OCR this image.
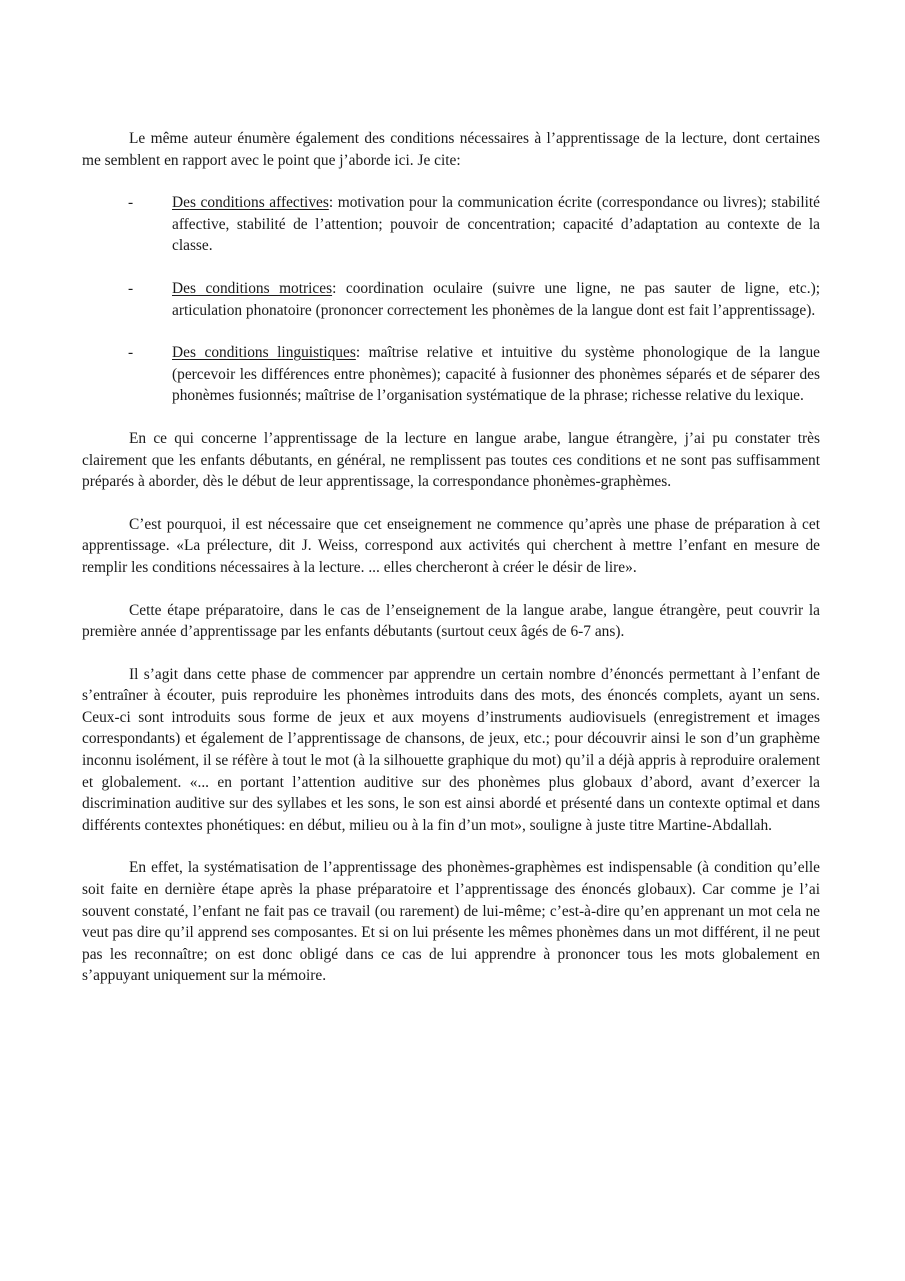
Le même auteur énumère également des conditions nécessaires à l’apprentissage de la lecture, dont certaines me semblent en rapport avec le point que j’aborde ici. Je cite:

-	Des conditions affectives: motivation pour la communication écrite (correspondance ou livres); stabilité affective, stabilité de l’attention; pouvoir de concentration; capacité d’adaptation au contexte de la classe.
-	Des conditions motrices: coordination oculaire (suivre une ligne, ne pas sauter de ligne, etc.); articulation phonatoire (prononcer correctement les phonèmes de la langue dont est fait l’apprentissage).
-	Des conditions linguistiques: maîtrise relative et intuitive du système phonologique de la langue (percevoir les différences entre phonèmes); capacité à fusionner des phonèmes séparés et de séparer des phonèmes fusionnés; maîtrise de l’organisation systématique de la phrase; richesse relative du lexique.

En ce qui concerne l’apprentissage de la lecture en langue arabe, langue étrangère, j’ai pu constater très clairement que les enfants débutants, en général, ne remplissent pas toutes ces conditions et ne sont pas suffisamment préparés à aborder, dès le début de leur apprentissage, la correspondance phonèmes-graphèmes.

C’est pourquoi, il est nécessaire que cet enseignement ne commence qu’après une phase de préparation à cet apprentissage. «La prélecture, dit J. Weiss, correspond aux activités qui cherchent à mettre l’enfant en mesure de remplir les conditions nécessaires à la lecture. ... elles chercheront à créer le désir de lire».

Cette étape préparatoire, dans le cas de l’enseignement de la langue arabe, langue étrangère, peut couvrir la première année d’apprentissage par les enfants débutants (surtout ceux âgés de 6-7 ans).

Il s’agit dans cette phase de commencer par apprendre un certain nombre d’énoncés permettant à l’enfant de s’entraîner à écouter, puis reproduire les phonèmes introduits dans des mots, des énoncés complets, ayant un sens. Ceux-ci sont introduits sous forme de jeux et aux moyens d’instruments audiovisuels (enregistrement et images correspondants) et également de l’apprentissage de chansons, de jeux, etc.; pour découvrir ainsi le son d’un graphème inconnu isolément, il se réfère à tout le mot (à la silhouette graphique du mot) qu’il a déjà appris à reproduire oralement et globalement. «... en portant l’attention auditive sur des phonèmes plus globaux d’abord, avant d’exercer la discrimination auditive sur des syllabes et les sons, le son est ainsi abordé et présenté dans un contexte optimal et dans différents contextes phonétiques: en début, milieu ou à la fin d’un mot», souligne à juste titre Martine-Abdallah.

En effet, la systématisation de l’apprentissage des phonèmes-graphèmes est indispensable (à condition qu’elle soit faite en dernière étape après la phase préparatoire et l’apprentissage des énoncés globaux). Car comme je l’ai souvent constaté, l’enfant ne fait pas ce travail (ou rarement) de lui-même; c’est-à-dire qu’en apprenant un mot cela ne veut pas dire qu’il apprend ses composantes. Et si on lui présente les mêmes phonèmes dans un mot différent, il ne peut pas les reconnaître; on est donc obligé dans ce cas de lui apprendre à prononcer tous les mots globalement en s’appuyant uniquement sur la mémoire.
